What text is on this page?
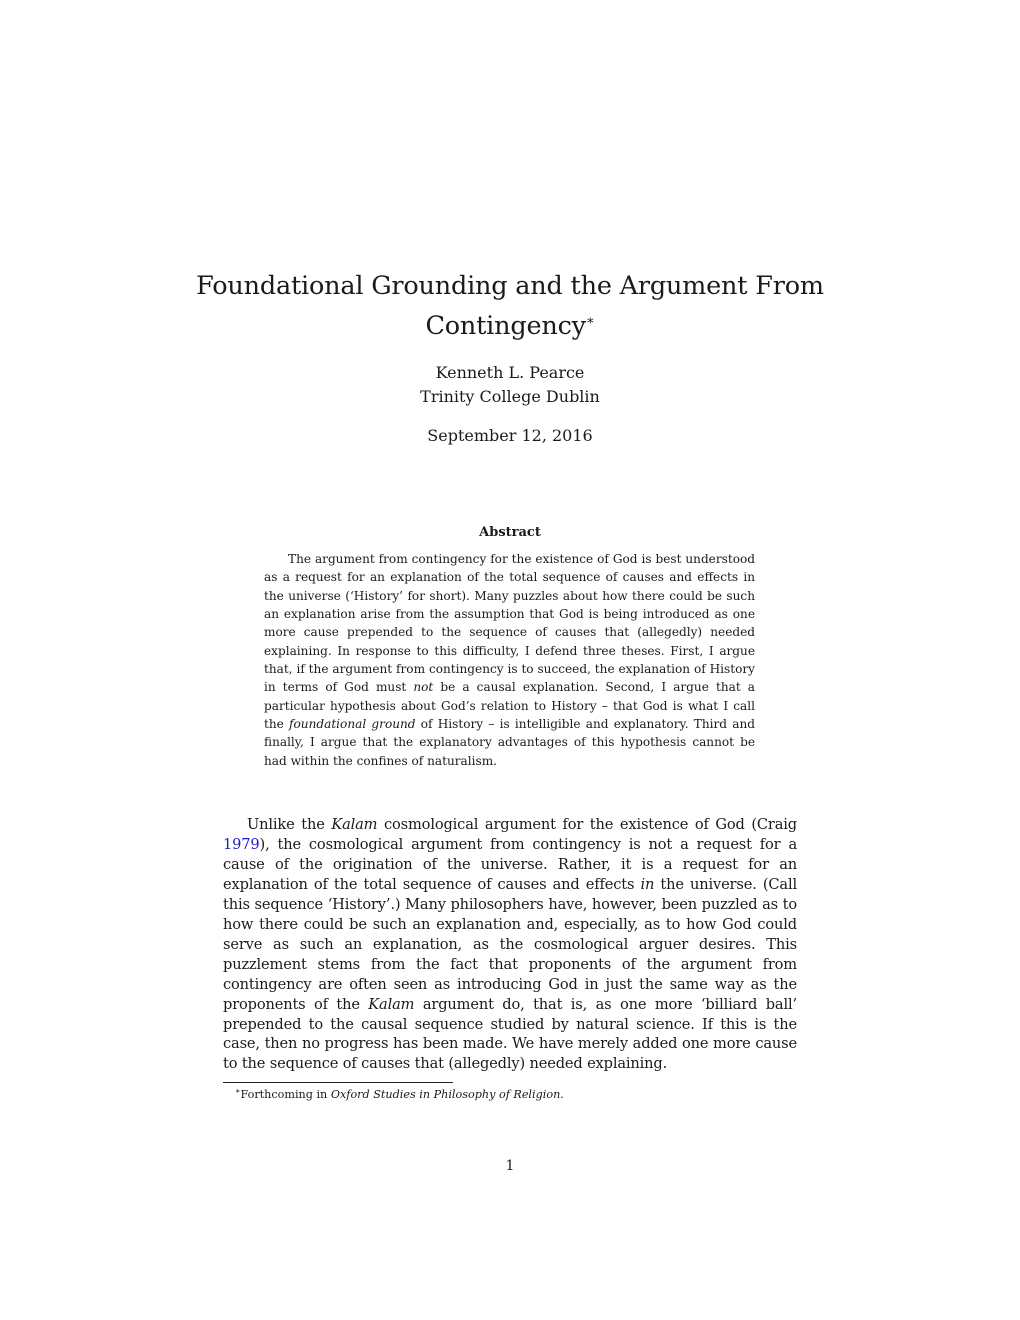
Foundational Grounding and the Argument From Contingency∗
Kenneth L. Pearce
Trinity College Dublin
September 12, 2016
Abstract

The argument from contingency for the existence of God is best understood as a request for an explanation of the total sequence of causes and effects in the universe (‘History’ for short). Many puzzles about how there could be such an explanation arise from the assumption that God is being introduced as one more cause prepended to the sequence of causes that (allegedly) needed explaining. In response to this difficulty, I defend three theses. First, I argue that, if the argument from contingency is to succeed, the explanation of History in terms of God must not be a causal explanation. Second, I argue that a particular hypothesis about God’s relation to History – that God is what I call the foundational ground of History – is intelligible and explanatory. Third and finally, I argue that the explanatory advantages of this hypothesis cannot be had within the confines of naturalism.

Unlike the Kalam cosmological argument for the existence of God (Craig 1979), the cosmological argument from contingency is not a request for a cause of the origination of the universe. Rather, it is a request for an explanation of the total sequence of causes and effects in the universe. (Call this sequence ‘History’.) Many philosophers have, however, been puzzled as to how there could be such an explanation and, especially, as to how God could serve as such an explanation, as the cosmological arguer desires. This puzzlement stems from the fact that proponents of the argument from contingency are often seen as introducing God in just the same way as the proponents of the Kalam argument do, that is, as one more ‘billiard ball’ prepended to the causal sequence studied by natural science. If this is the case, then no progress has been made. We have merely added one more cause to the sequence of causes that (allegedly) needed explaining.

∗Forthcoming in Oxford Studies in Philosophy of Religion.
1
